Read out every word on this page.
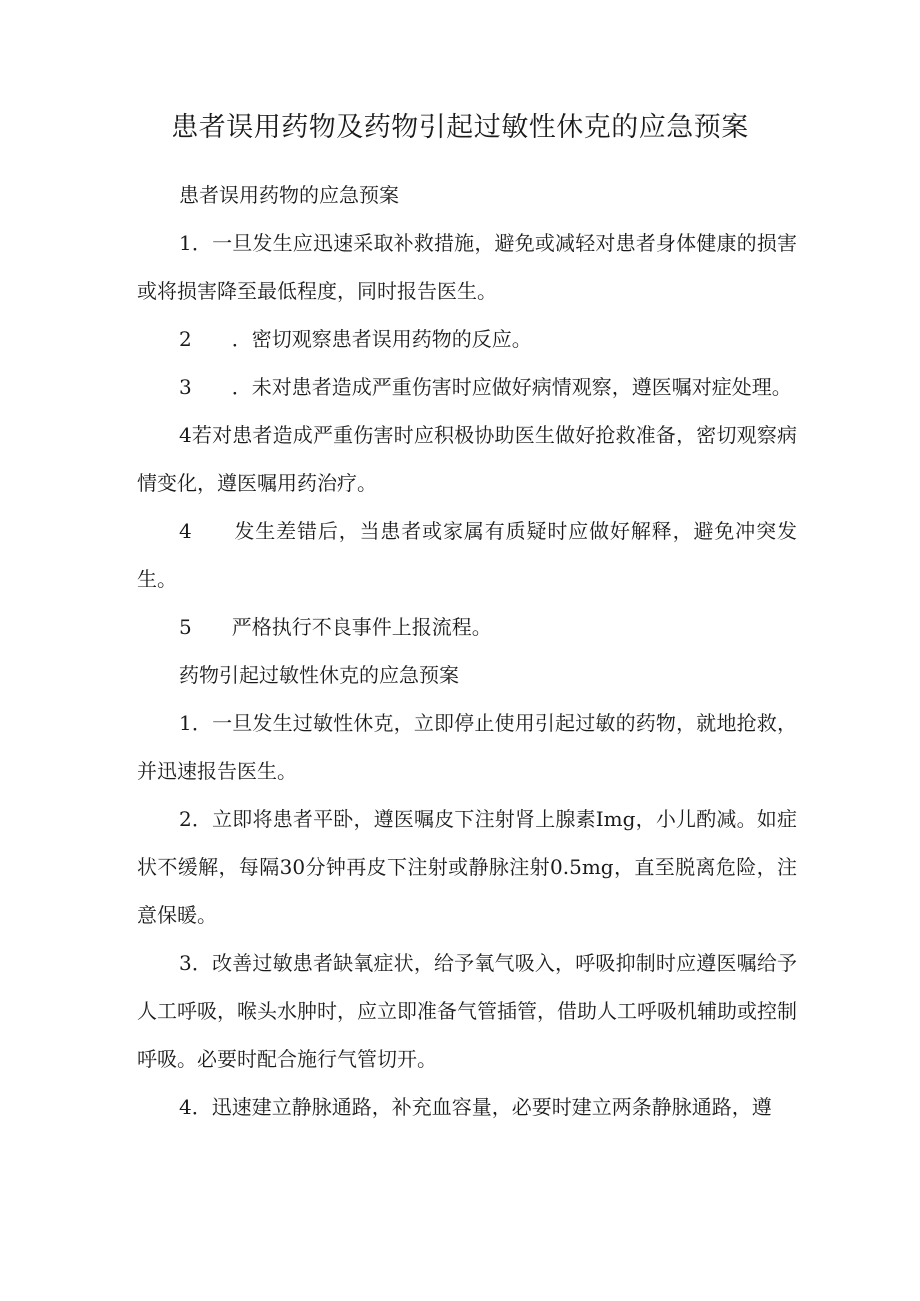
患者误用药物及药物引起过敏性休克的应急预案

患者误用药物的应急预案

1．一旦发生应迅速采取补救措施，避免或减轻对患者身体健康的损害或将损害降至最低程度，同时报告医生。

2　　．密切观察患者误用药物的反应。

3　　．未对患者造成严重伤害时应做好病情观察，遵医嘱对症处理。

4若对患者造成严重伤害时应积极协助医生做好抢救准备，密切观察病情变化，遵医嘱用药治疗。

4　　发生差错后，当患者或家属有质疑时应做好解释，避免冲突发生。

5　　严格执行不良事件上报流程。

药物引起过敏性休克的应急预案

1．一旦发生过敏性休克，立即停止使用引起过敏的药物，就地抢救，并迅速报告医生。

2．立即将患者平卧，遵医嘱皮下注射肾上腺素Img，小儿酌减。如症状不缓解，每隔30分钟再皮下注射或静脉注射0.5mg，直至脱离危险，注意保暖。

3．改善过敏患者缺氧症状，给予氧气吸入，呼吸抑制时应遵医嘱给予人工呼吸，喉头水肿时，应立即准备气管插管，借助人工呼吸机辅助或控制呼吸。必要时配合施行气管切开。

4．迅速建立静脉通路，补充血容量，必要时建立两条静脉通路，遵
